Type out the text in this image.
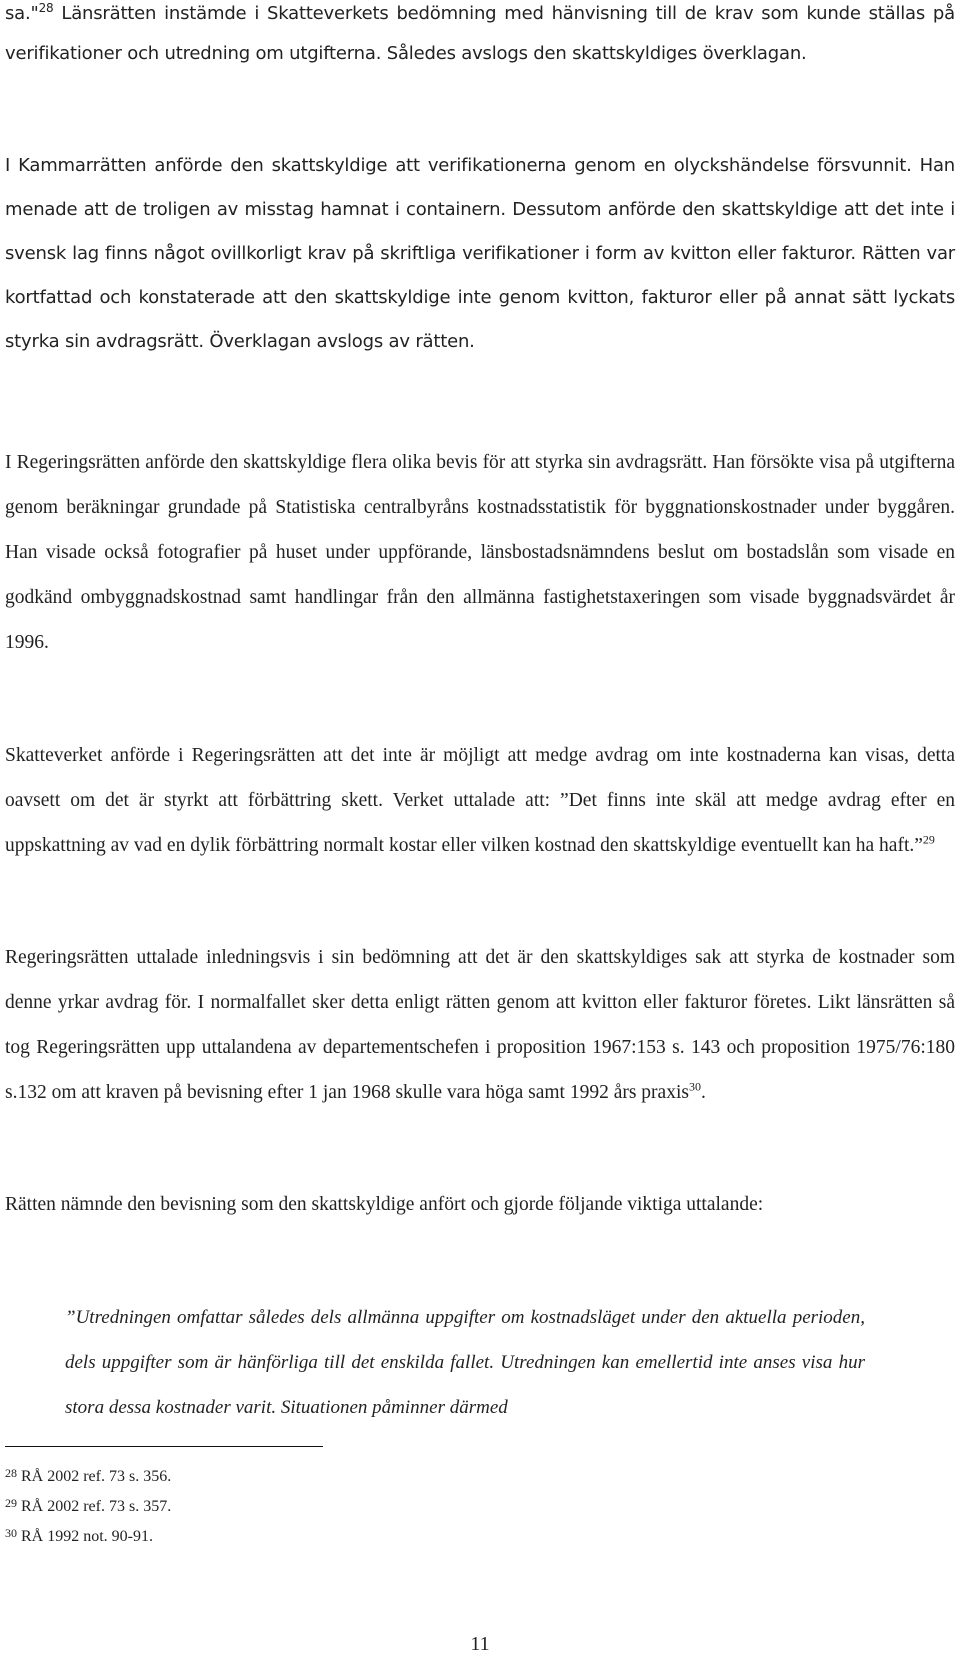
sa."$^{28}$ Länsrätten instämde i Skatteverkets bedömning med hänvisning till de krav som kunde ställas på verifikationer och utredning om utgifterna. Således avslogs den skattskyldiges överklagan.

I Kammarrätten anförde den skattskyldige att verifikationerna genom en olyckshändelse försvunnit. Han menade att de troligen av misstag hamnat i containern. Dessutom anförde den skattskyldige att det inte i svensk lag finns något ovillkorligt krav på skriftliga verifikationer i form av kvitton eller fakturor. Rätten var kortfattad och konstaterade att den skattskyldige inte genom kvitton, fakturor eller på annat sätt lyckats styrka sin avdragsrätt. Överklagan avslogs av rätten.

I Regeringsrätten anförde den skattskyldige flera olika bevis för att styrka sin avdragsrätt. Han försökte visa på utgifterna genom beräkningar grundade på Statistiska centralbyråns kostnadsstatistik för byggnationskostnader under byggåren. Han visade också fotografier på huset under uppförande, länsbostadsnämndens beslut om bostadslån som visade en godkänd ombyggnadskostnad samt handlingar från den allmänna fastighetstaxeringen som visade byggnadsvärdet år 1996.

Skatteverket anförde i Regeringsrätten att det inte är möjligt att medge avdrag om inte kostnaderna kan visas, detta oavsett om det är styrkt att förbättring skett. Verket uttalade att: ”Det finns inte skäl att medge avdrag efter en uppskattning av vad en dylik förbättring normalt kostar eller vilken kostnad den skattskyldige eventuellt kan ha haft.”$^{29}$

Regeringsrätten uttalade inledningsvis i sin bedömning att det är den skattskyldiges sak att styrka de kostnader som denne yrkar avdrag för. I normalfallet sker detta enligt rätten genom att kvitton eller fakturor företes. Likt länsrätten så tog Regeringsrätten upp uttalandena av departementschefen i proposition 1967:153 s. 143 och proposition 1975/76:180 s.132 om att kraven på bevisning efter 1 jan 1968 skulle vara höga samt 1992 års praxis$^{30}$.

Rätten nämnde den bevisning som den skattskyldige anfört och gjorde följande viktiga uttalande:

”Utredningen omfattar således dels allmänna uppgifter om kostnadsläget under den aktuella perioden, dels uppgifter som är hänförliga till det enskilda fallet. Utredningen kan emellertid inte anses visa hur stora dessa kostnader varit. Situationen påminner därmed

$^{28}$ RÅ 2002 ref. 73 s. 356.
$^{29}$ RÅ 2002 ref. 73 s. 357.
$^{30}$ RÅ 1992 not. 90-91.
11
